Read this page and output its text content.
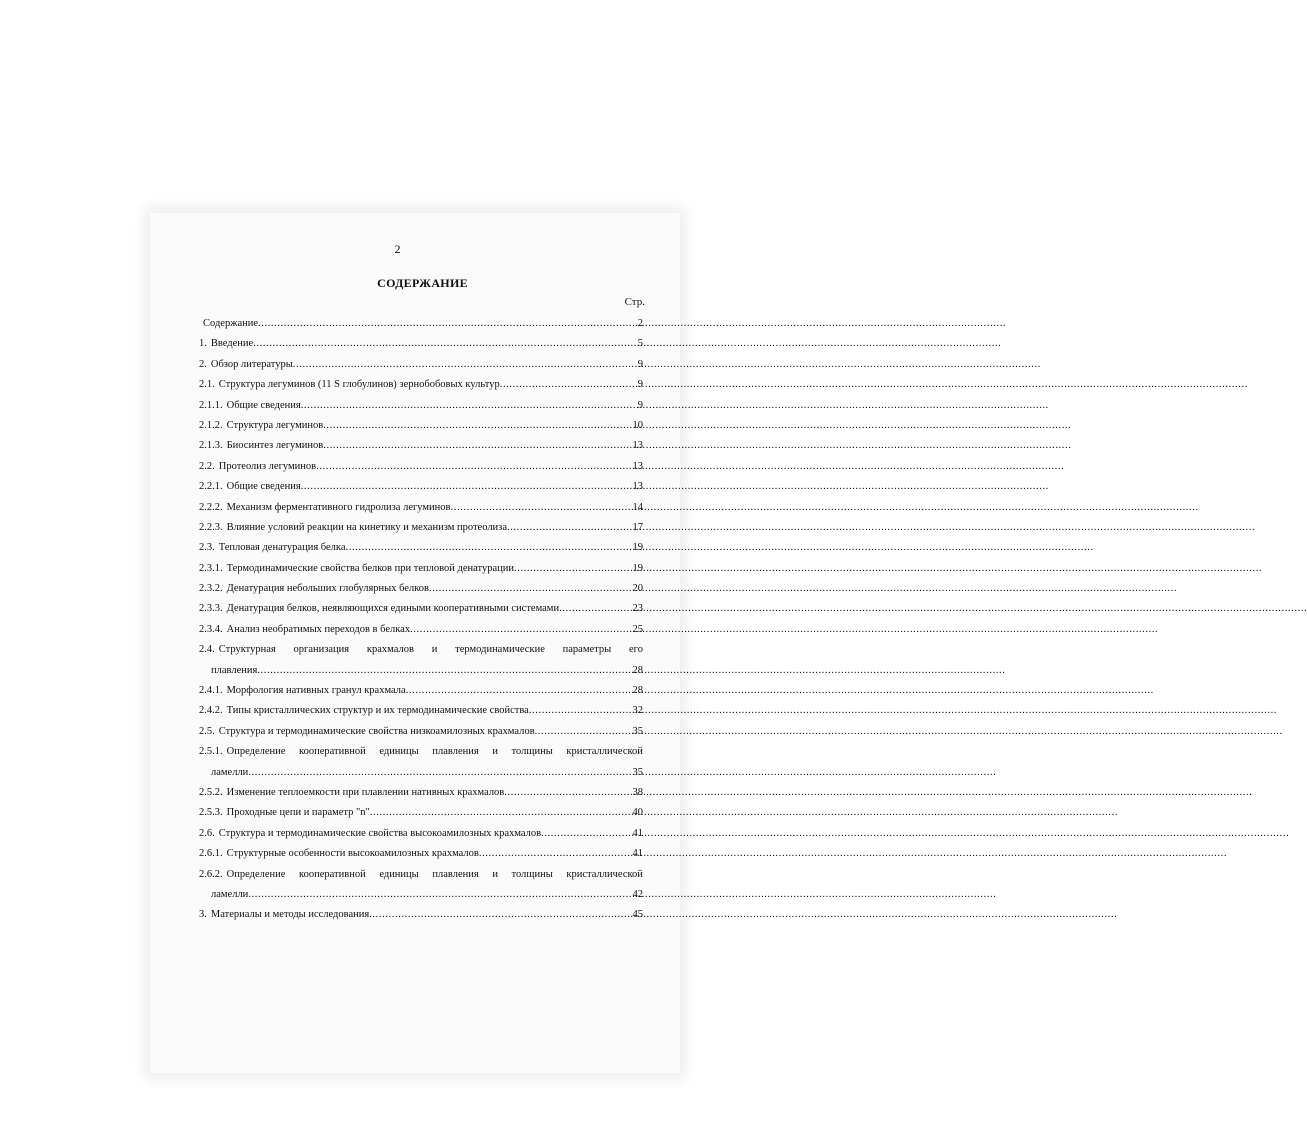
2
СОДЕРЖАНИЕ
Стр.
Содержание .....	2
1. Введение .....	5
2. Обзор литературы .....	9
2.1. Структура легуминов (11 S глобулинов) зернобобовых культур .....	9
2.1.1. Общие сведения .....	9
2.1.2. Структура легуминов .....	10
2.1.3. Биосинтез легуминов .....	13
2.2. Протеолиз легуминов .....	13
2.2.1. Общие сведения .....	13
2.2.2. Механизм ферментативного гидролиза легуминов .....	14
2.2.3. Влияние условий реакции на кинетику и механизм протеолиза .....	17
2.3. Тепловая денатурация белка .....	19
2.3.1. Термодинамические свойства белков при тепловой денатурации .....	19
2.3.2. Денатурация небольших глобулярных белков .....	20
2.3.3. Денатурация белков, неявляющихся едиными кооперативными системами .....	23
2.3.4. Анализ необратимых переходов в белках .....	25
2.4. Структурная организация крахмалов и термодинамические параметры его
плавления .....	28
2.4.1. Морфология нативных гранул крахмала .....	28
2.4.2. Типы кристаллических структур и их термодинамические свойства .....	32
2.5. Структура и термодинамические свойства низкоамилозных крахмалов .....	35
2.5.1. Определение кооперативной единицы плавления и толщины кристаллической
ламелли .....	35
2.5.2. Изменение теплоемкости при плавлении нативных крахмалов .....	38
2.5.3. Проходные цепи и параметр "n" .....	40
2.6. Структура и термодинамические свойства высокоамилозных крахмалов .....	41
2.6.1. Структурные особенности высокоамилозных крахмалов .....	41
2.6.2. Определение кооперативной единицы плавления и толщины кристаллической
ламелли .....	42
3. Материалы и методы исследования .....	45
· · · ·
